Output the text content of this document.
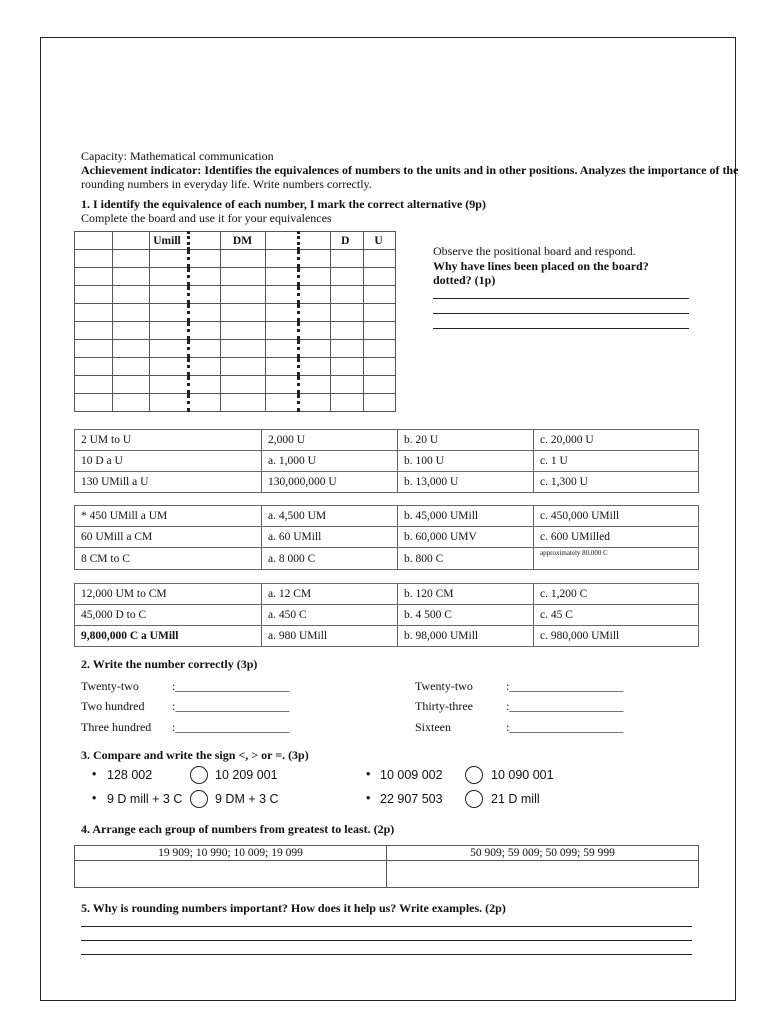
Capacity: Mathematical communication
Achievement indicator: Identifies the equivalences of numbers to the units and in other positions. Analyzes the importance of the
rounding numbers in everyday life. Write numbers correctly.
1. I identify the equivalence of each number, I mark the correct alternative (9p)
Complete the board and use it for your equivalences
		Umill		DM			D	U

Observe the positional board and respond.
Why have lines been placed on the board?
dotted? (1p)
2 UM to U	2,000 U	b. 20 U	c. 20,000 U
10 D a U	a. 1,000 U	b. 100 U	c. 1 U
130 UMill a U	130,000,000 U	b. 13,000 U	c. 1,300 U
* 450 UMill a UM	a. 4,500 UM	b. 45,000 UMill	c. 450,000 UMill
60 UMill a CM	a. 60 UMill	b. 60,000 UMV	c. 600 UMilled
8 CM to C	a. 8 000 C	b. 800 C	approximately 80,000 C
12,000 UM to CM	a. 12 CM	b. 120 CM	c. 1,200 C
45,000 D to C	a. 450 C	b. 4 500 C	c. 45 C
9,800,000 C a UMill	a. 980 UMill	b. 98,000 UMill	c. 980,000 UMill
2. Write the number correctly (3p)
Twenty-two	:___________________
Two hundred :___________________
Three hundred :___________________
Twenty-two	:___________________
Thirty-three	:___________________
Sixteen	:___________________
3. Compare and write the sign <, > or =. (3p)
• 128 002	10 209 001	• 10 009 002	10 090 001
• 9 D mill + 3 C	9 DM + 3 C	• 22 907 503	21 D mill
4. Arrange each group of numbers from greatest to least. (2p)
19 909; 10 990; 10 009; 19 099	50 909; 59 009; 50 099; 59 999

5. Why is rounding numbers important? How does it help us? Write examples. (2p)
